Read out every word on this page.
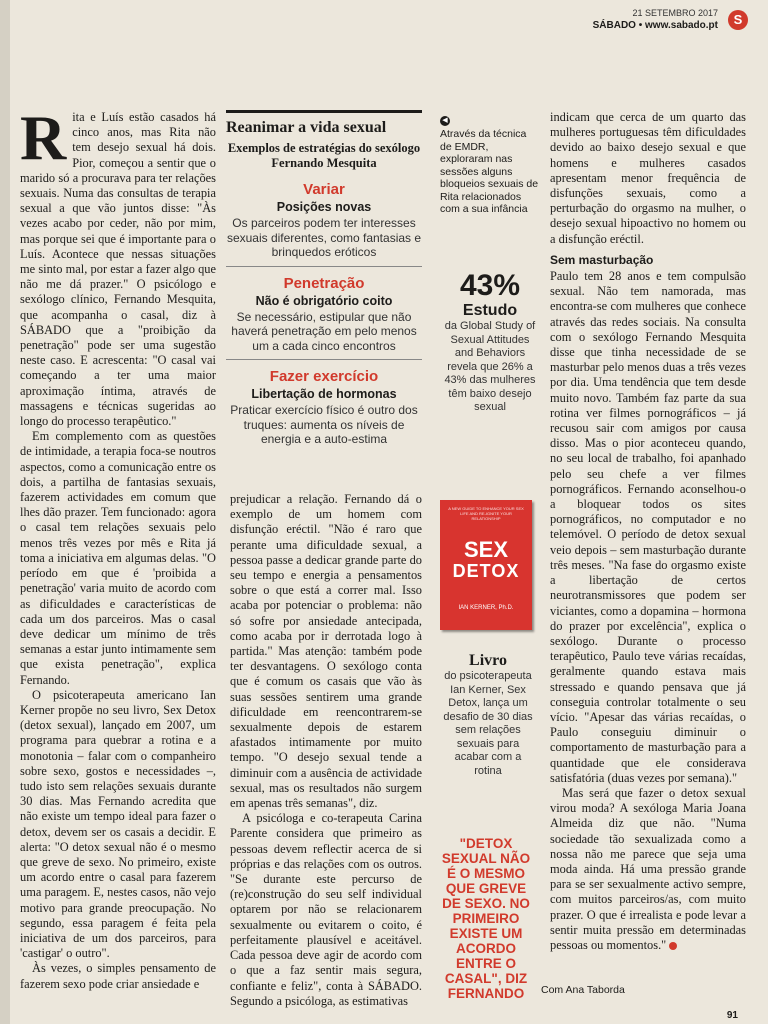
21 SETEMBRO 2017
SÁBADO • www.sabado.pt	S

Rita e Luís estão casados há cinco anos, mas Rita não tem desejo sexual há dois. Pior, começou a sentir que o marido só a procurava para ter relações sexuais. Numa das consultas de terapia sexual a que vão juntos disse: "Às vezes acabo por ceder, não por mim, mas porque sei que é importante para o Luís. Acontece que nessas situações me sinto mal, por estar a fazer algo que não me dá prazer." O psicólogo e sexólogo clínico, Fernando Mesquita, que acompanha o casal, diz à SÁBADO que a "proibição da penetração" pode ser uma sugestão neste caso. E acrescenta: "O casal vai começando a ter uma maior aproximação íntima, através de massagens e técnicas sugeridas ao longo do processo terapêutico."

Em complemento com as questões de intimidade, a terapia foca-se noutros aspectos, como a comunicação entre os dois, a partilha de fantasias sexuais, fazerem actividades em comum que lhes dão prazer. Tem funcionado: agora o casal tem relações sexuais pelo menos três vezes por mês e Rita já toma a iniciativa em algumas delas. "O período em que é 'proibida a penetração' varia muito de acordo com as dificuldades e características de cada um dos parceiros. Mas o casal deve dedicar um mínimo de três semanas a estar junto intimamente sem que exista penetração", explica Fernando.

O psicoterapeuta americano Ian Kerner propõe no seu livro, Sex Detox (detox sexual), lançado em 2007, um programa para quebrar a rotina e a monotonia – falar com o companheiro sobre sexo, gostos e necessidades –, tudo isto sem relações sexuais durante 30 dias. Mas Fernando acredita que não existe um tempo ideal para fazer o detox, devem ser os casais a decidir. E alerta: "O detox sexual não é o mesmo que greve de sexo. No primeiro, existe um acordo entre o casal para fazerem uma paragem. E, nestes casos, não vejo motivo para grande preocupação. No segundo, essa paragem é feita pela iniciativa de um dos parceiros, para 'castigar' o outro".

Às vezes, o simples pensamento de fazerem sexo pode criar ansiedade e

Reanimar a vida sexual
Exemplos de estratégias do sexólogo Fernando Mesquita
Variar
Posições novas
Os parceiros podem ter interesses sexuais diferentes, como fantasias e brinquedos eróticos
Penetração
Não é obrigatório coito
Se necessário, estipular que não haverá penetração em pelo menos um a cada cinco encontros
Fazer exercício
Libertação de hormonas
Praticar exercício físico é outro dos truques: aumenta os níveis de energia e a auto-estima

prejudicar a relação. Fernando dá o exemplo de um homem com disfunção eréctil. "Não é raro que perante uma dificuldade sexual, a pessoa passe a dedicar grande parte do seu tempo e energia a pensamentos sobre o que está a correr mal. Isso acaba por potenciar o problema: não só sofre por ansiedade antecipada, como acaba por ir derrotada logo à partida." Mas atenção: também pode ter desvantagens. O sexólogo conta que é comum os casais que vão às suas sessões sentirem uma grande dificuldade em reencontrarem-se sexualmente depois de estarem afastados intimamente por muito tempo. "O desejo sexual tende a diminuir com a ausência de actividade sexual, mas os resultados não surgem em apenas três semanas", diz.

A psicóloga e co-terapeuta Carina Parente considera que primeiro as pessoas devem reflectir acerca de si próprias e das relações com os outros. "Se durante este percurso de (re)construção do seu self individual optarem por não se relacionarem sexualmente ou evitarem o coito, é perfeitamente plausível e aceitável. Cada pessoa deve agir de acordo com o que a faz sentir mais segura, confiante e feliz", conta à SÁBADO. Segundo a psicóloga, as estimativas

◀
Através da técnica de EMDR, exploraram nas sessões alguns bloqueios sexuais de Rita relacionados com a sua infância
43%
Estudo
da Global Study of Sexual Attitudes and Behaviors revela que 26% a 43% das mulheres têm baixo desejo sexual
A NEW GUIDE TO ENHANCE YOUR SEX LIFE AND RE-IGNITE YOUR RELATIONSHIP
SEX
DETOX
IAN KERNER, Ph.D.
Livro
do psicoterapeuta Ian Kerner, Sex Detox, lança um desafio de 30 dias sem relações sexuais para acabar com a rotina
"DETOX SEXUAL NÃO É O MESMO QUE GREVE DE SEXO. NO PRIMEIRO EXISTE UM ACORDO ENTRE O CASAL", DIZ FERNANDO

indicam que cerca de um quarto das mulheres portuguesas têm dificuldades devido ao baixo desejo sexual e que homens e mulheres casados apresentam menor frequência de disfunções sexuais, como a perturbação do orgasmo na mulher, o desejo sexual hipoactivo no homem ou a disfunção eréctil.

Sem masturbação

Paulo tem 28 anos e tem compulsão sexual. Não tem namorada, mas encontra-se com mulheres que conhece através das redes sociais. Na consulta com o sexólogo Fernando Mesquita disse que tinha necessidade de se masturbar pelo menos duas a três vezes por dia. Uma tendência que tem desde muito novo. Também faz parte da sua rotina ver filmes pornográficos – já recusou sair com amigos por causa disso. Mas o pior aconteceu quando, no seu local de trabalho, foi apanhado pelo seu chefe a ver filmes pornográficos. Fernando aconselhou-o a bloquear todos os sites pornográficos, no computador e no telemóvel. O período de detox sexual veio depois – sem masturbação durante três meses. "Na fase do orgasmo existe a libertação de certos neurotransmissores que podem ser viciantes, como a dopamina – hormona do prazer por excelência", explica o sexólogo. Durante o processo terapêutico, Paulo teve várias recaídas, geralmente quando estava mais stressado e quando pensava que já conseguia controlar totalmente o seu vício. "Apesar das várias recaídas, o Paulo conseguiu diminuir o comportamento de masturbação para a quantidade que ele considerava satisfatória (duas vezes por semana)."

Mas será que fazer o detox sexual virou moda? A sexóloga Maria Joana Almeida diz que não. "Numa sociedade tão sexualizada como a nossa não me parece que seja uma moda ainda. Há uma pressão grande para se ser sexualmente activo sempre, com muitos parceiros/as, com muito prazer. O que é irrealista e pode levar a sentir muita pressão em determinadas pessoas ou momentos."

Com Ana Taborda
91
